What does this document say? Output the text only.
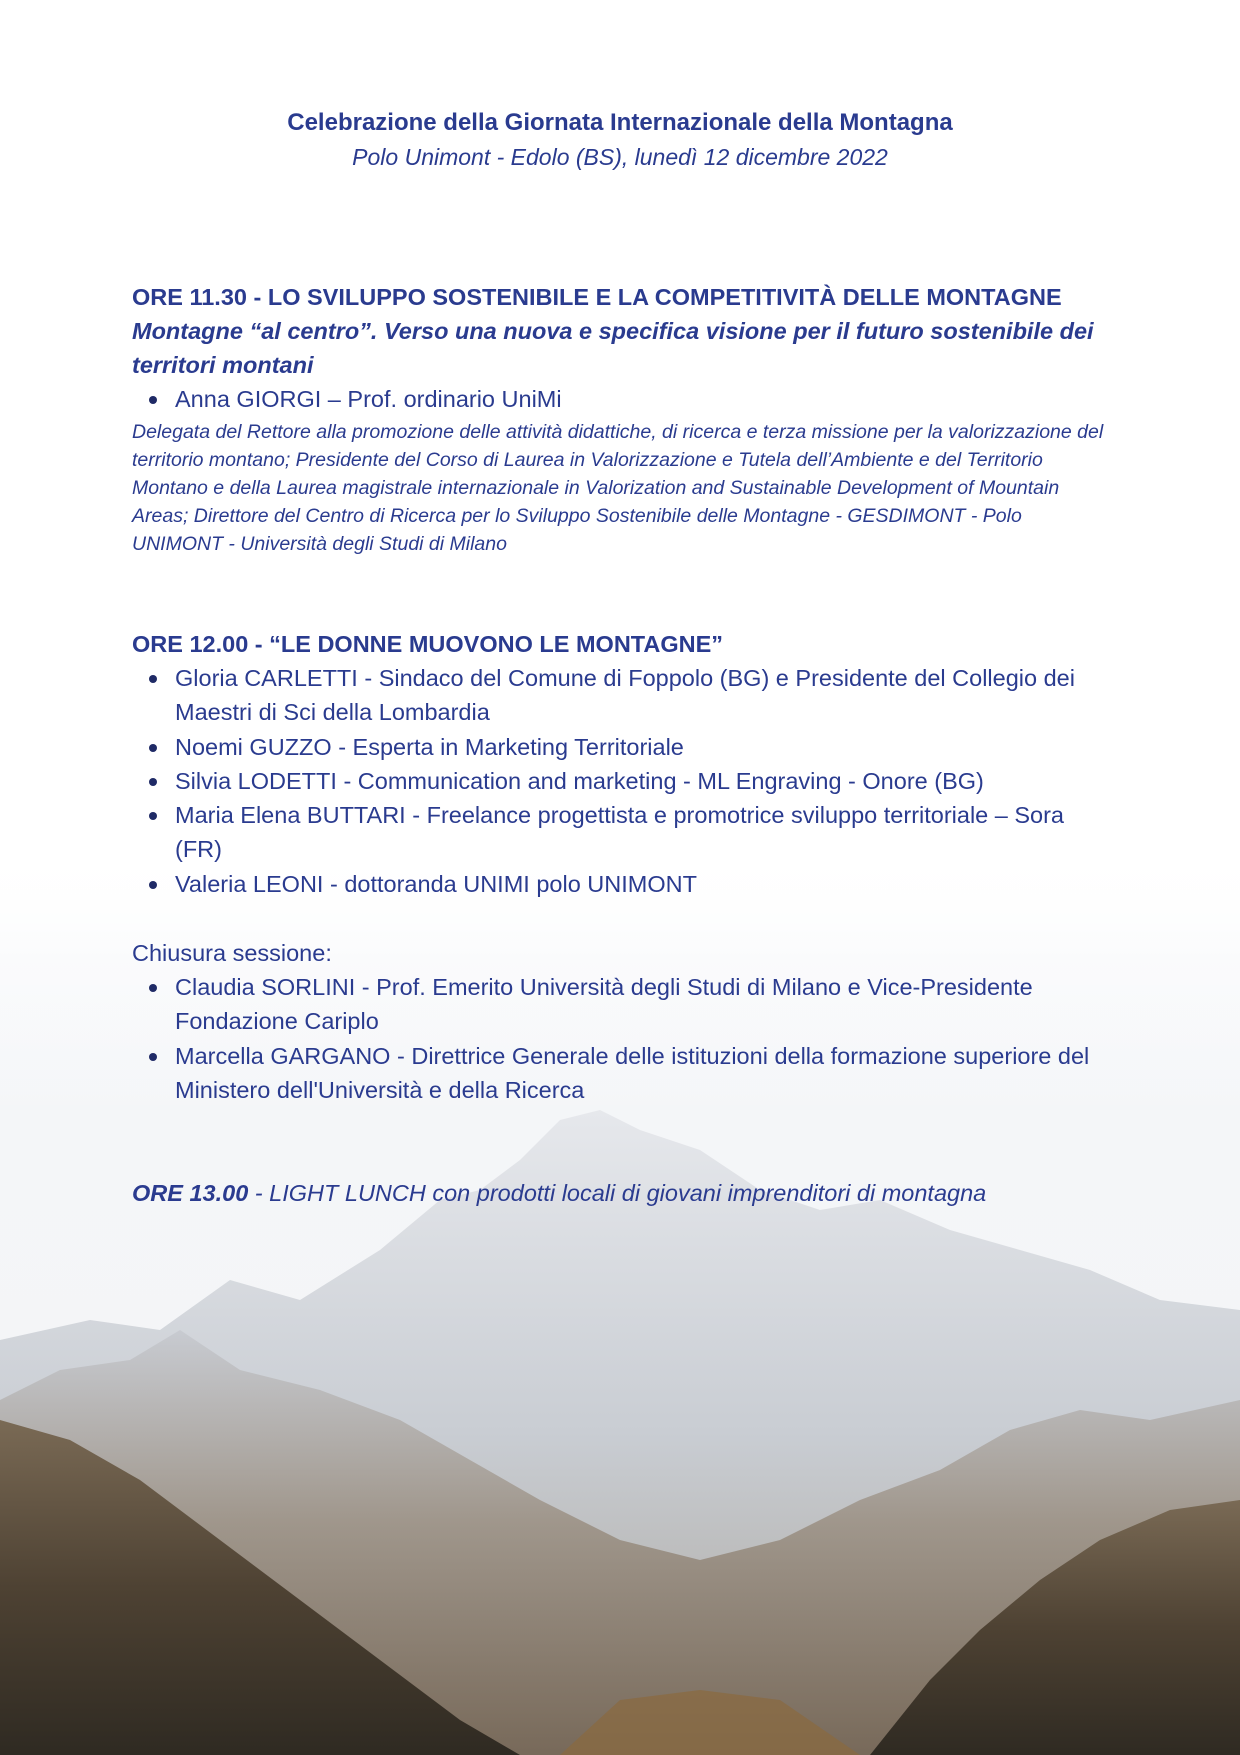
Celebrazione della Giornata Internazionale della Montagna
Polo Unimont - Edolo (BS), lunedì 12 dicembre 2022

ORE 11.30 - LO SVILUPPO SOSTENIBILE E LA COMPETITIVITÀ DELLE MONTAGNE

Montagne “al centro”. Verso una nuova e specifica visione per il futuro sostenibile dei territori montani

Anna GIORGI – Prof. ordinario UniMi

Delegata del Rettore alla promozione delle attività didattiche, di ricerca e terza missione per la valorizzazione del territorio montano; Presidente del Corso di Laurea in Valorizzazione e Tutela dell’Ambiente e del Territorio Montano e della Laurea magistrale internazionale in Valorization and Sustainable Development of Mountain Areas; Direttore del Centro di Ricerca per lo Sviluppo Sostenibile delle Montagne - GESDIMONT - Polo UNIMONT - Università degli Studi di Milano

ORE 12.00 - “LE DONNE MUOVONO LE MONTAGNE”

Gloria CARLETTI - Sindaco del Comune di Foppolo (BG) e Presidente del Collegio dei Maestri di Sci della Lombardia
Noemi GUZZO - Esperta in Marketing Territoriale
Silvia LODETTI - Communication and marketing - ML Engraving - Onore (BG)
Maria Elena BUTTARI - Freelance progettista e promotrice sviluppo territoriale – Sora (FR)
Valeria LEONI - dottoranda UNIMI polo UNIMONT

Chiusura sessione:

Claudia SORLINI - Prof. Emerito Università degli Studi di Milano e Vice-Presidente Fondazione Cariplo
Marcella GARGANO - Direttrice Generale delle istituzioni della formazione superiore del Ministero dell'Università e della Ricerca

ORE 13.00 - LIGHT LUNCH con prodotti locali di giovani imprenditori di montagna
